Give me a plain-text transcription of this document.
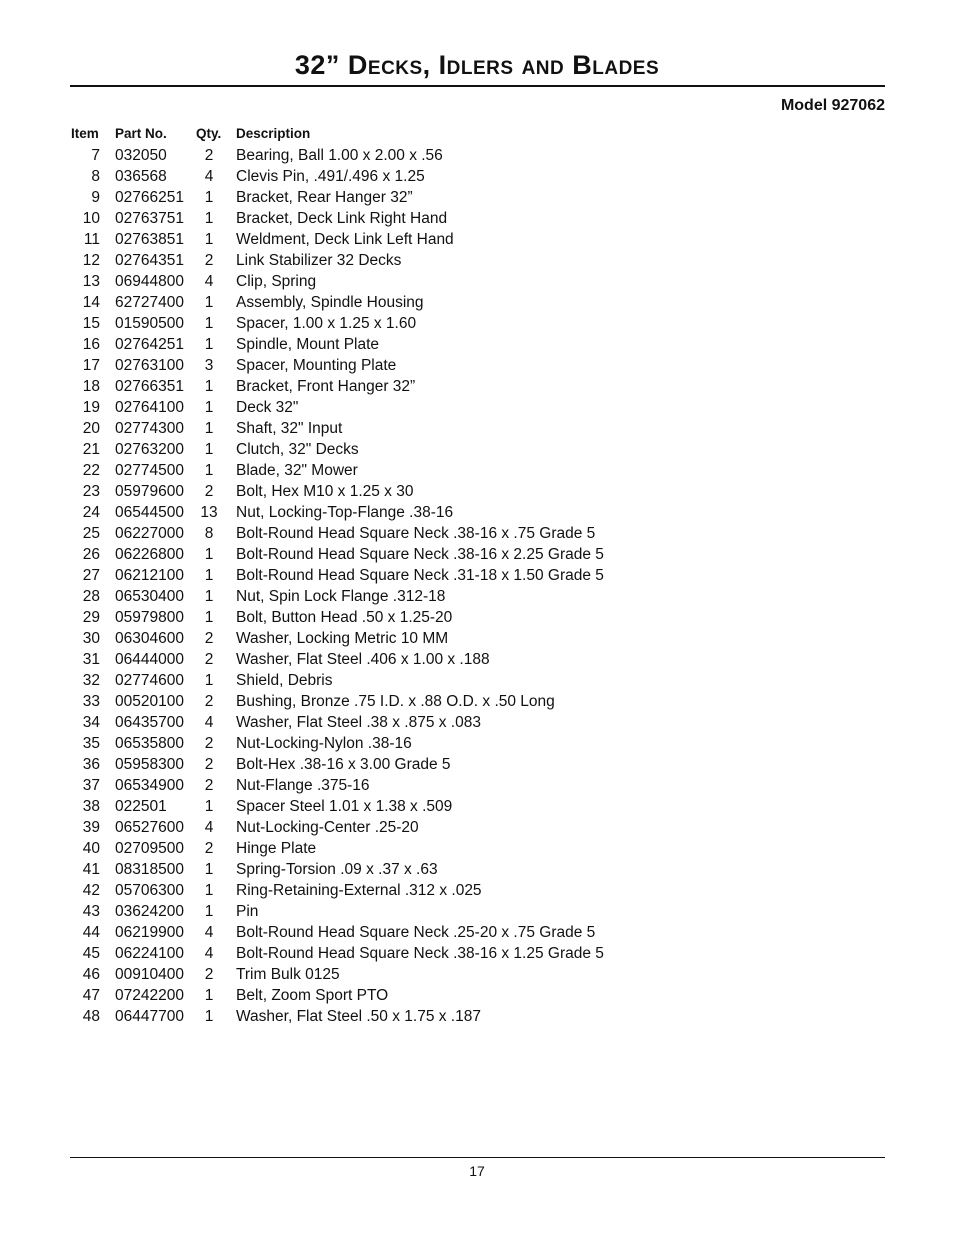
32” Decks, Idlers and Blades
Model 927062
Item Part No. Qty. Description
7 032050	2	Bearing, Ball 1.00 x 2.00 x .56
8 036568	4	Clevis Pin, .491/.496 x 1.25
9 02766251	1	Bracket, Rear Hanger 32”
10 02763751	1	Bracket, Deck Link Right Hand
11 02763851	1	Weldment, Deck Link Left Hand
12 02764351	2	Link Stabilizer 32 Decks
13 06944800	4	Clip, Spring
14 62727400	1	Assembly, Spindle Housing
15 01590500	1	Spacer, 1.00 x 1.25 x 1.60
16 02764251	1	Spindle, Mount Plate
17 02763100	3	Spacer, Mounting Plate
18 02766351	1	Bracket, Front Hanger 32”
19 02764100	1	Deck 32"
20 02774300	1	Shaft, 32" Input
21 02763200	1	Clutch, 32" Decks
22 02774500	1	Blade, 32" Mower
23 05979600	2	Bolt, Hex M10 x 1.25 x 30
24 06544500 13 Nut, Locking-Top-Flange .38-16
25 06227000	8	Bolt-Round Head Square Neck .38-16 x .75 Grade 5
26 06226800	1	Bolt-Round Head Square Neck .38-16 x 2.25 Grade 5
27 06212100	1	Bolt-Round Head Square Neck .31-18 x 1.50 Grade 5
28 06530400	1	Nut, Spin Lock Flange .312-18
29 05979800	1	Bolt, Button Head .50 x 1.25-20
30 06304600	2	Washer, Locking Metric 10 MM
31 06444000	2	Washer, Flat Steel .406 x 1.00 x .188
32 02774600	1	Shield, Debris
33 00520100	2	Bushing, Bronze .75 I.D. x .88 O.D. x .50 Long
34 06435700	4	Washer, Flat Steel .38 x .875 x .083
35 06535800	2	Nut-Locking-Nylon .38-16
36 05958300	2	Bolt-Hex .38-16 x 3.00 Grade 5
37 06534900	2	Nut-Flange .375-16
38 022501	1	Spacer Steel 1.01 x 1.38 x .509
39 06527600	4	Nut-Locking-Center .25-20
40 02709500	2	Hinge Plate
41 08318500	1	Spring-Torsion .09 x .37 x .63
42 05706300	1	Ring-Retaining-External .312 x .025
43 03624200	1	Pin
44 06219900	4	Bolt-Round Head Square Neck .25-20 x .75 Grade 5
45 06224100	4	Bolt-Round Head Square Neck .38-16 x 1.25 Grade 5
46 00910400	2	Trim Bulk 0125
47 07242200	1	Belt, Zoom Sport PTO
48 06447700	1	Washer, Flat Steel .50 x 1.75 x .187
17
